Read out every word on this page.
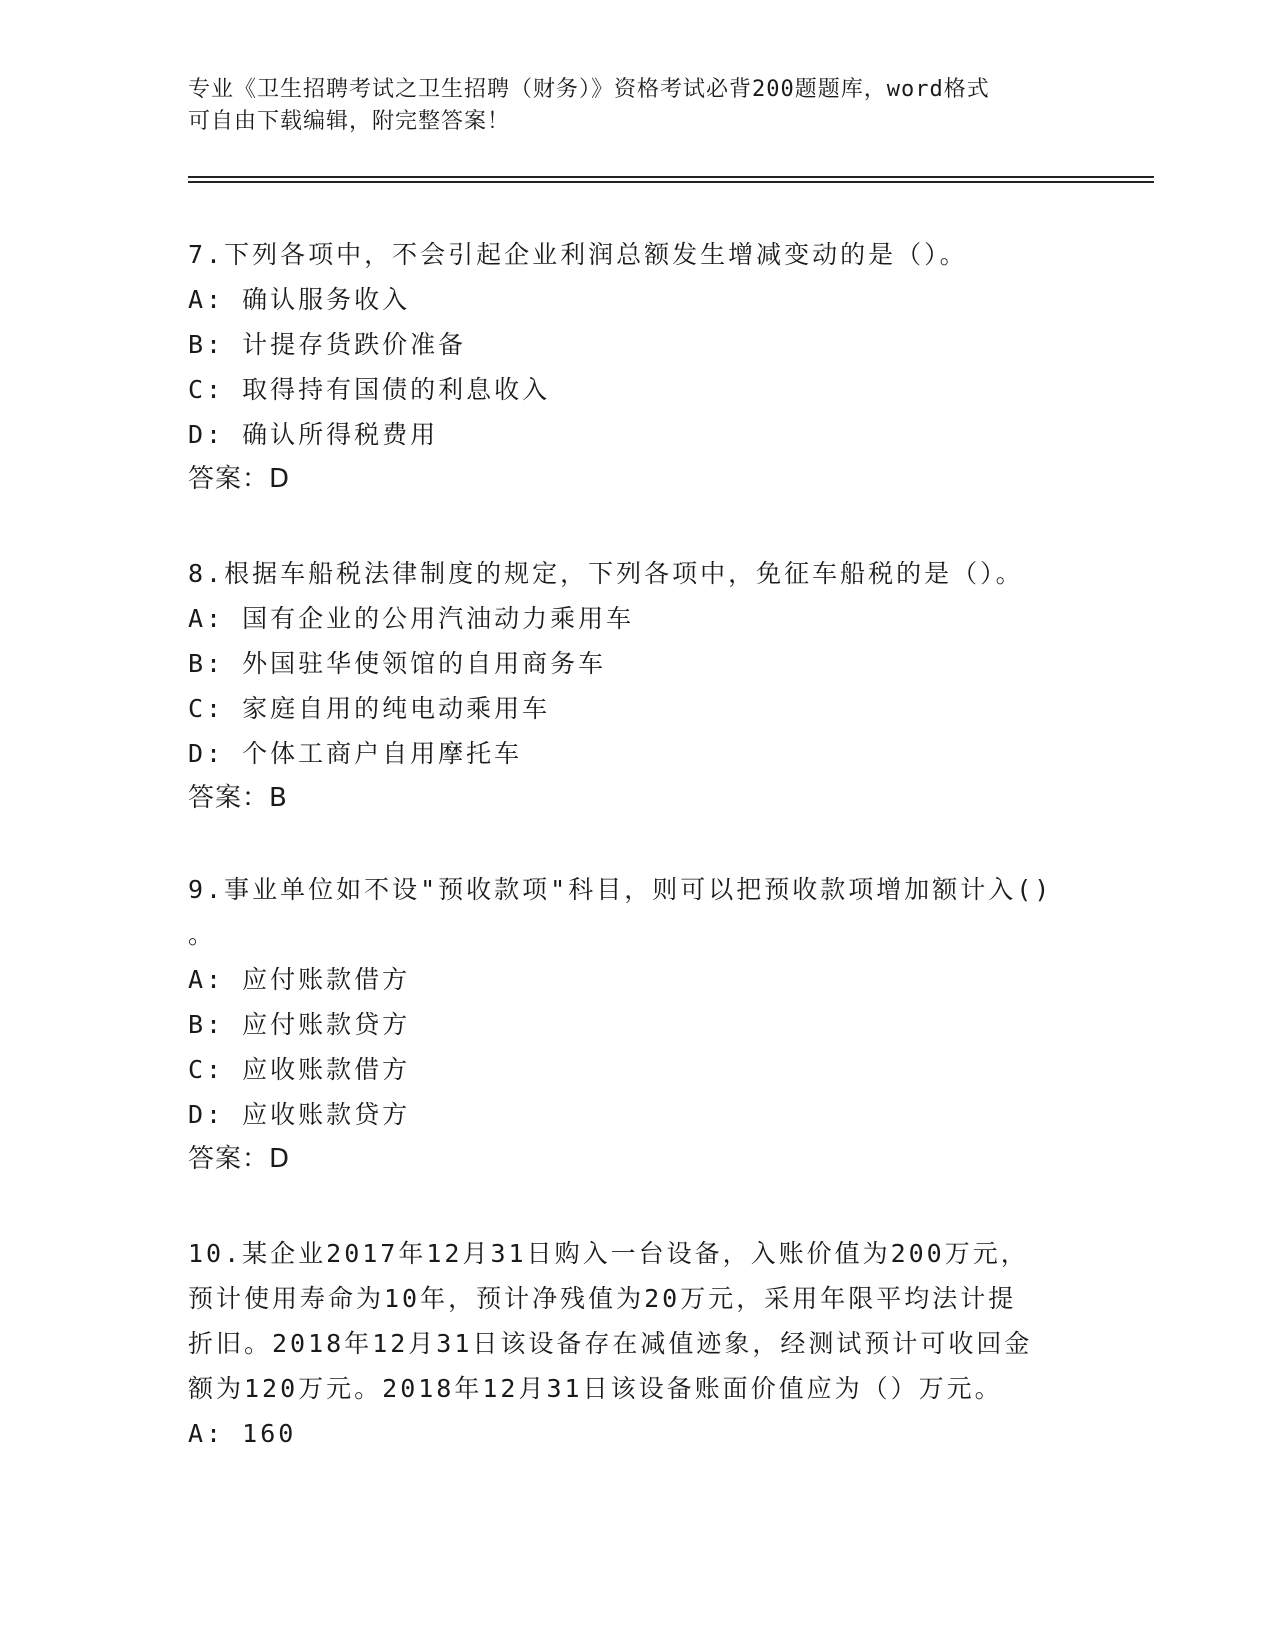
专业《卫生招聘考试之卫生招聘（财务）》资格考试必背200题题库，word格式
可自由下载编辑，附完整答案！
7.下列各项中，不会引起企业利润总额发生增减变动的是（）。
A: 确认服务收入
B: 计提存货跌价准备
C: 取得持有国债的利息收入
D: 确认所得税费用
答案：D
8.根据车船税法律制度的规定，下列各项中，免征车船税的是（）。
A: 国有企业的公用汽油动力乘用车
B: 外国驻华使领馆的自用商务车
C: 家庭自用的纯电动乘用车
D: 个体工商户自用摩托车
答案：B
9.事业单位如不设"预收款项"科目，则可以把预收款项增加额计入()
。
A: 应付账款借方
B: 应付账款贷方
C: 应收账款借方
D: 应收账款贷方
答案：D
10.某企业2017年12月31日购入一台设备，入账价值为200万元，
预计使用寿命为10年，预计净残值为20万元，采用年限平均法计提
折旧。2018年12月31日该设备存在减值迹象，经测试预计可收回金
额为120万元。2018年12月31日该设备账面价值应为（）万元。
A: 160
